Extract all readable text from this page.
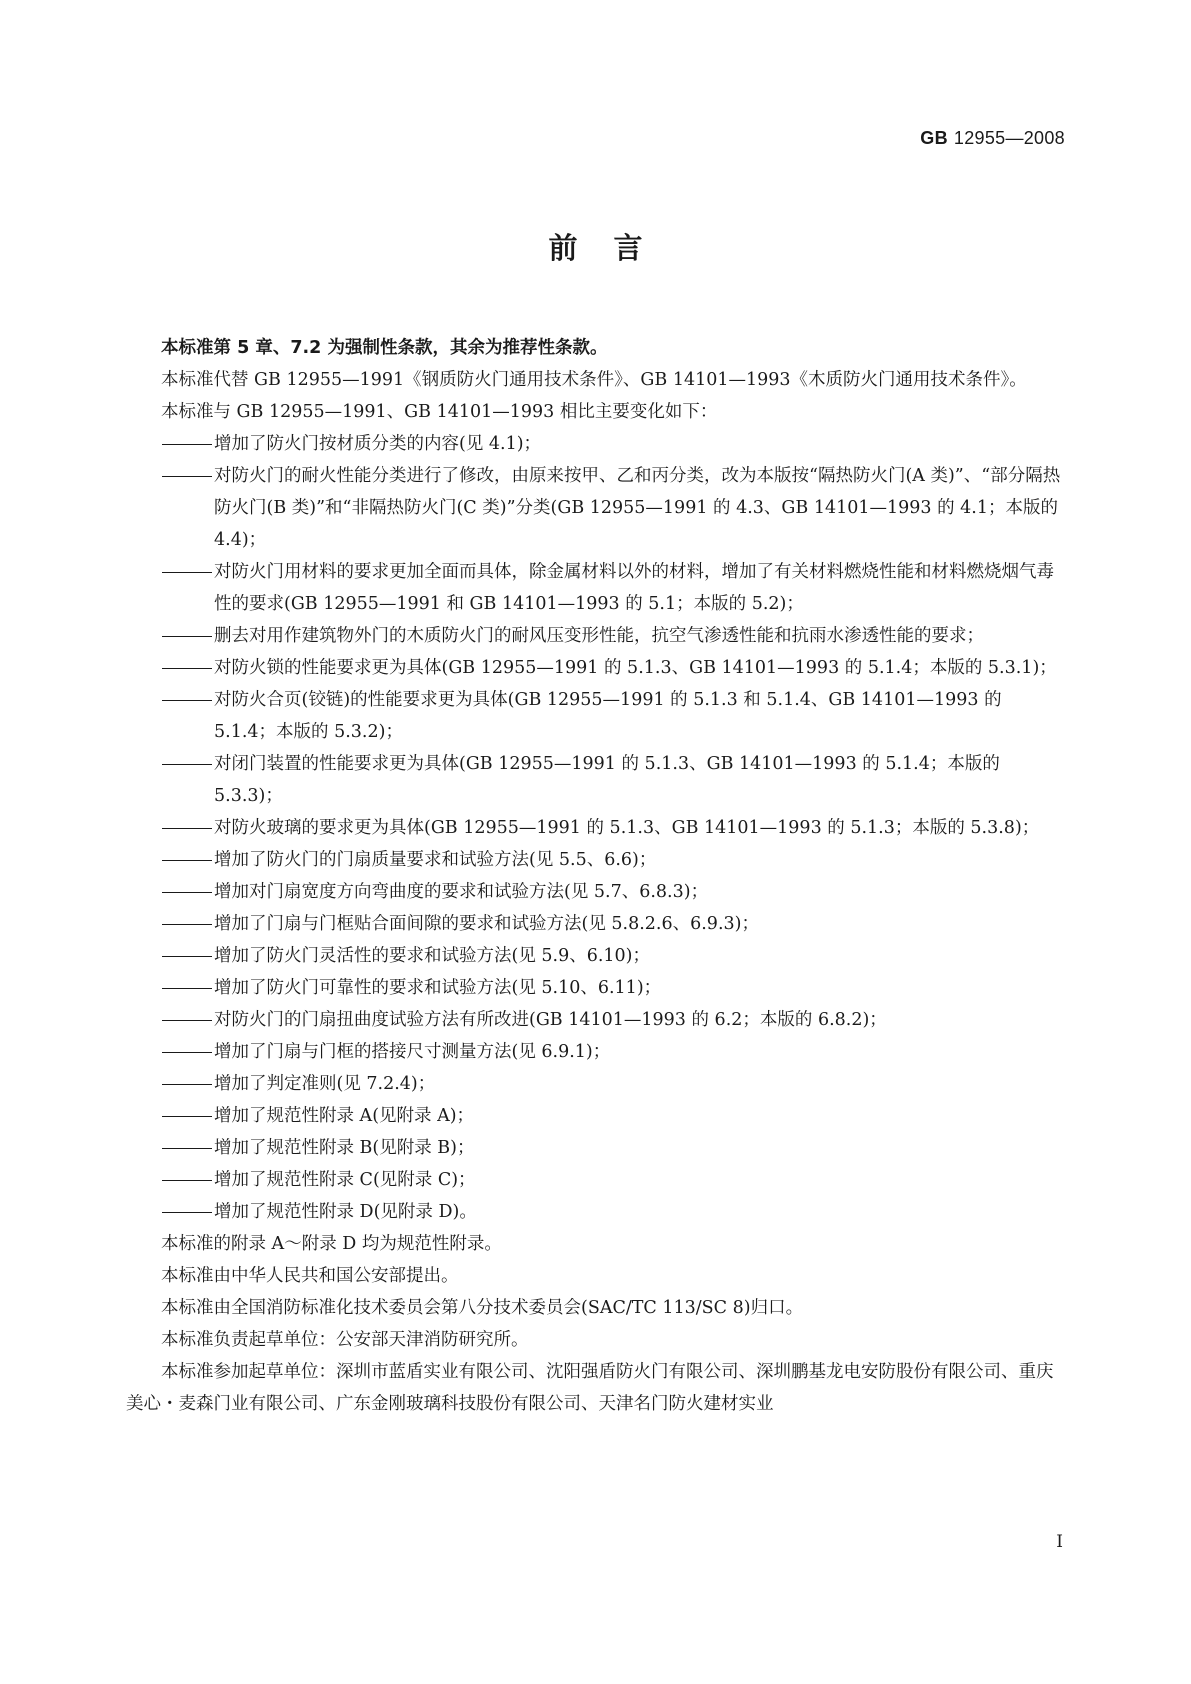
GB 12955—2008
前言

本标准第 5 章、7.2 为强制性条款，其余为推荐性条款。

本标准代替 GB 12955—1991《钢质防火门通用技术条件》、GB 14101—1993《木质防火门通用技术条件》。

本标准与 GB 12955—1991、GB 14101—1993 相比主要变化如下：

增加了防火门按材质分类的内容(见 4.1)；
对防火门的耐火性能分类进行了修改，由原来按甲、乙和丙分类，改为本版按“隔热防火门(A 类)”、“部分隔热防火门(B 类)”和“非隔热防火门(C 类)”分类(GB 12955—1991 的 4.3、GB 14101—1993 的 4.1；本版的 4.4)；
对防火门用材料的要求更加全面而具体，除金属材料以外的材料，增加了有关材料燃烧性能和材料燃烧烟气毒性的要求(GB 12955—1991 和 GB 14101—1993 的 5.1；本版的 5.2)；
删去对用作建筑物外门的木质防火门的耐风压变形性能，抗空气渗透性能和抗雨水渗透性能的要求；
对防火锁的性能要求更为具体(GB 12955—1991 的 5.1.3、GB 14101—1993 的 5.1.4；本版的 5.3.1)；
对防火合页(铰链)的性能要求更为具体(GB 12955—1991 的 5.1.3 和 5.1.4、GB 14101—1993 的 5.1.4；本版的 5.3.2)；
对闭门装置的性能要求更为具体(GB 12955—1991 的 5.1.3、GB 14101—1993 的 5.1.4；本版的 5.3.3)；
对防火玻璃的要求更为具体(GB 12955—1991 的 5.1.3、GB 14101—1993 的 5.1.3；本版的 5.3.8)；
增加了防火门的门扇质量要求和试验方法(见 5.5、6.6)；
增加对门扇宽度方向弯曲度的要求和试验方法(见 5.7、6.8.3)；
增加了门扇与门框贴合面间隙的要求和试验方法(见 5.8.2.6、6.9.3)；
增加了防火门灵活性的要求和试验方法(见 5.9、6.10)；
增加了防火门可靠性的要求和试验方法(见 5.10、6.11)；
对防火门的门扇扭曲度试验方法有所改进(GB 14101—1993 的 6.2；本版的 6.8.2)；
增加了门扇与门框的搭接尺寸测量方法(见 6.9.1)；
增加了判定准则(见 7.2.4)；
增加了规范性附录 A(见附录 A)；
增加了规范性附录 B(见附录 B)；
增加了规范性附录 C(见附录 C)；
增加了规范性附录 D(见附录 D)。

本标准的附录 A～附录 D 均为规范性附录。

本标准由中华人民共和国公安部提出。

本标准由全国消防标准化技术委员会第八分技术委员会(SAC/TC 113/SC 8)归口。

本标准负责起草单位：公安部天津消防研究所。

本标准参加起草单位：深圳市蓝盾实业有限公司、沈阳强盾防火门有限公司、深圳鹏基龙电安防股份有限公司、重庆美心・麦森门业有限公司、广东金刚玻璃科技股份有限公司、天津名门防火建材实业

I
